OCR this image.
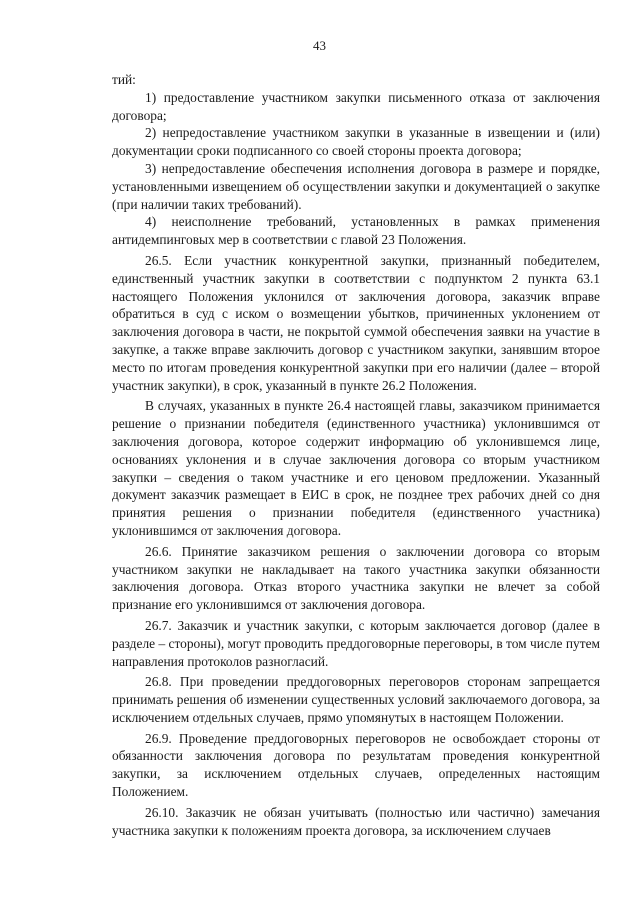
43

тий:

1) предоставление участником закупки письменного отказа от заключения договора;

2) непредоставление участником закупки в указанные в извещении и (или) документации сроки подписанного со своей стороны проекта договора;

3) непредоставление обеспечения исполнения договора в размере и порядке, установленными извещением об осуществлении закупки и документацией о закупке (при наличии таких требований).

4) неисполнение требований, установленных в рамках применения антидемпинговых мер в соответствии с главой 23 Положения.

26.5. Если участник конкурентной закупки, признанный победителем, единственный участник закупки в соответствии с подпунктом 2 пункта 63.1 настоящего Положения уклонился от заключения договора, заказчик вправе обратиться в суд с иском о возмещении убытков, причиненных уклонением от заключения договора в части, не покрытой суммой обеспечения заявки на участие в закупке, а также вправе заключить договор с участником закупки, занявшим второе место по итогам проведения конкурентной закупки при его наличии (далее – второй участник закупки), в срок, указанный в пункте 26.2 Положения.

В случаях, указанных в пункте 26.4 настоящей главы, заказчиком принимается решение о признании победителя (единственного участника) уклонившимся от заключения договора, которое содержит информацию об уклонившемся лице, основаниях уклонения и в случае заключения договора со вторым участником закупки – сведения о таком участнике и его ценовом предложении. Указанный документ заказчик размещает в ЕИС в срок, не позднее трех рабочих дней со дня принятия решения о признании победителя (единственного участника) уклонившимся от заключения договора.

26.6. Принятие заказчиком решения о заключении договора со вторым участником закупки не накладывает на такого участника закупки обязанности заключения договора. Отказ второго участника закупки не влечет за собой признание его уклонившимся от заключения договора.

26.7. Заказчик и участник закупки, с которым заключается договор (далее в разделе – стороны), могут проводить преддоговорные переговоры, в том числе путем направления протоколов разногласий.

26.8. При проведении преддоговорных переговоров сторонам запрещается принимать решения об изменении существенных условий заключаемого договора, за исключением отдельных случаев, прямо упомянутых в настоящем Положении.

26.9. Проведение преддоговорных переговоров не освобождает стороны от обязанности заключения договора по результатам проведения конкурентной закупки, за исключением отдельных случаев, определенных настоящим Положением.

26.10. Заказчик не обязан учитывать (полностью или частично) замечания участника закупки к положениям проекта договора, за исключением случаев
